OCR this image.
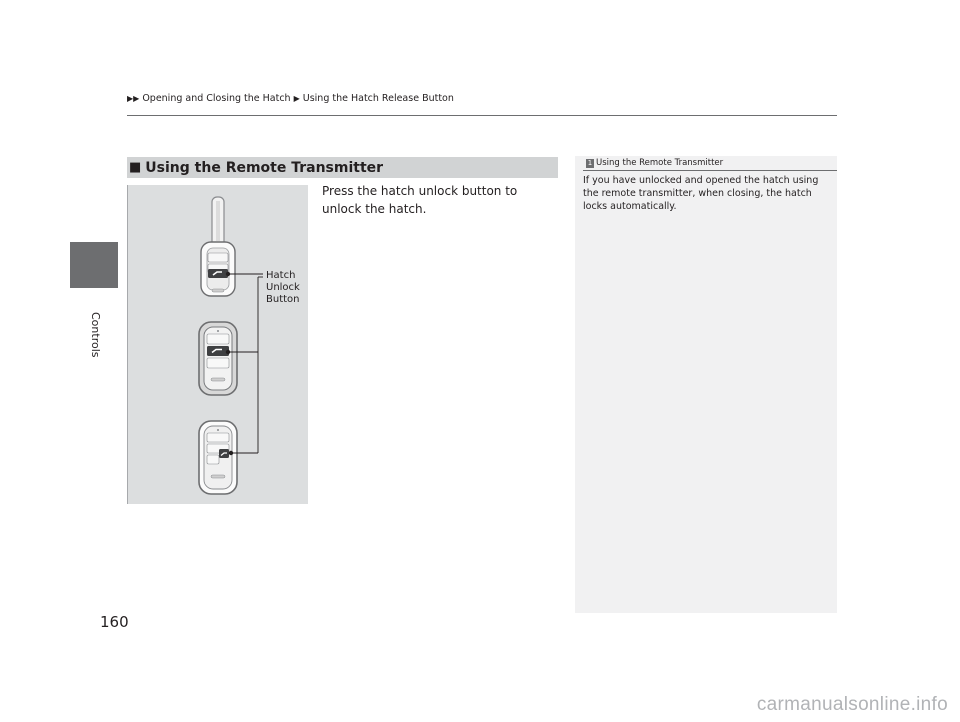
Controls
▶▶ Opening and Closing the Hatch ▶ Using the Hatch Release Button
■ Using the Remote Transmitter
Hatch
Unlock
Button
Press the hatch unlock button to unlock the hatch.
1 Using the Remote Transmitter
If you have unlocked and opened the hatch using the remote transmitter, when closing, the hatch locks automatically.
160
carmanualsonline.info
